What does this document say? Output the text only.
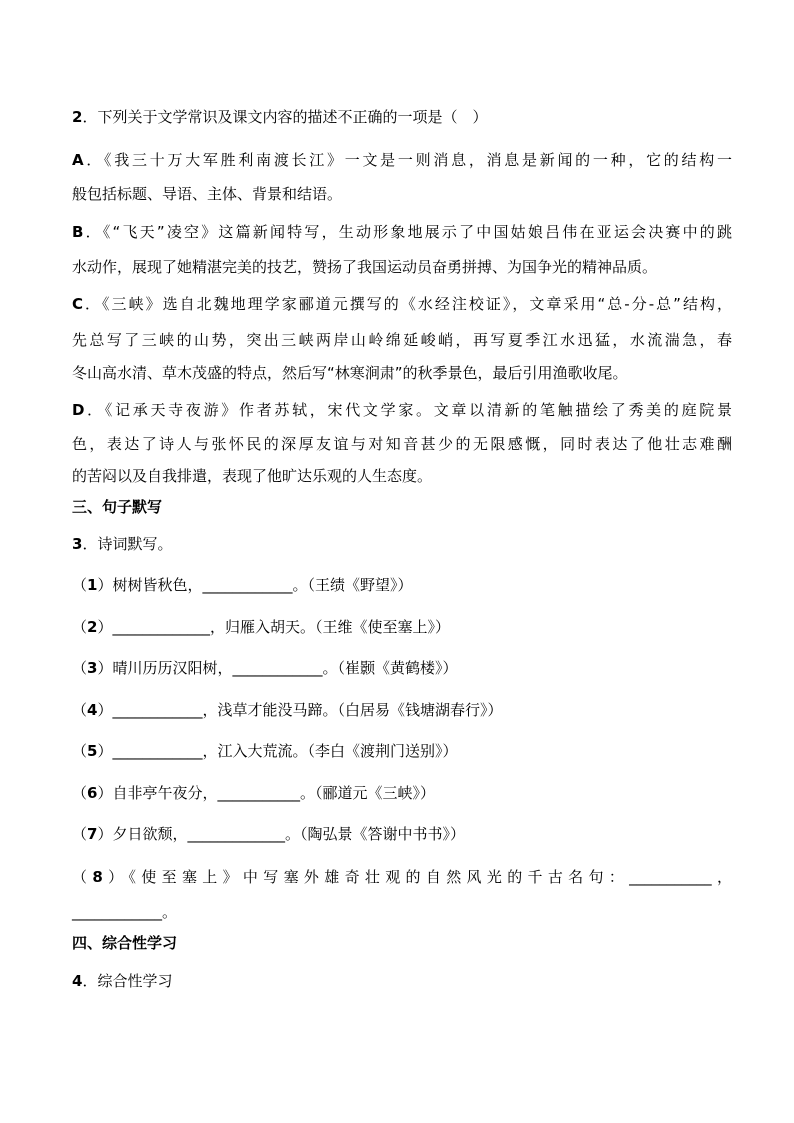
2．下列关于文学常识及课文内容的描述不正确的一项是（　）
A．《我三十万大军胜利南渡长江》一文是一则消息，消息是新闻的一种，它的结构一
般包括标题、导语、主体、背景和结语。
B．《“飞天”凌空》这篇新闻特写，生动形象地展示了中国姑娘吕伟在亚运会决赛中的跳
水动作，展现了她精湛完美的技艺，赞扬了我国运动员奋勇拼搏、为国争光的精神品质。
C．《三峡》选自北魏地理学家郦道元撰写的《水经注校证》，文章采用“总-分-总”结构，
先总写了三峡的山势，突出三峡两岸山岭绵延峻峭，再写夏季江水迅猛，水流湍急，春
冬山高水清、草木茂盛的特点，然后写“林寒涧肃”的秋季景色，最后引用渔歌收尾。
D．《记承天寺夜游》作者苏轼，宋代文学家。文章以清新的笔触描绘了秀美的庭院景
色，表达了诗人与张怀民的深厚友谊与对知音甚少的无限感慨，同时表达了他壮志难酬
的苦闷以及自我排遣，表现了他旷达乐观的人生态度。
三、句子默写
3．诗词默写。
（1）树树皆秋色，____________。（王绩《野望》）
（2）_____________，归雁入胡天。（王维《使至塞上》）
（3）晴川历历汉阳树，____________。（崔颢《黄鹤楼》）
（4）____________，浅草才能没马蹄。（白居易《钱塘湖春行》）
（5）____________，江入大荒流。（李白《渡荆门送别》）
（6）自非亭午夜分，___________。（郦道元《三峡》）
（7）夕日欲颓，_____________。（陶弘景《答谢中书书》）
（8）《使至塞上》中写塞外雄奇壮观的自然风光的千古名句：___________，
____________。
四、综合性学习
4．综合性学习
